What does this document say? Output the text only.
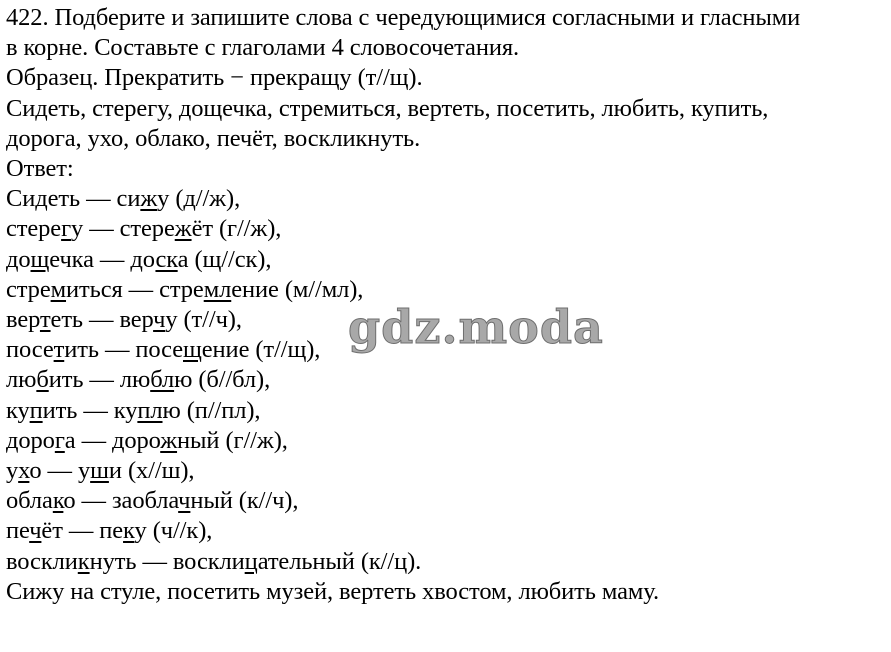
422. Подберите и запишите слова с чередующимися согласными и гласными
в корне. Составьте с глаголами 4 словосочетания.
Образец. Прекратить − прекращу (т//щ).
Сидеть, стерегу, дощечка, стремиться, вертеть, посетить, любить, купить,
дорога, ухо, облако, печёт, воскликнуть.
Ответ:
Сидеть — сижу (д//ж),
стерегу — стережёт (г//ж),
дощечка — доска (щ//ск),
стремиться — стремление (м//мл),
вертеть — верчу (т//ч),
посетить — посещение (т//щ),
любить — люблю (б//бл),
купить — куплю (п//пл),
дорога — дорожный (г//ж),
ухо — уши (х//ш),
облако — заоблачный (к//ч),
печёт — пеку (ч//к),
воскликнуть — восклицательный (к//ц).
Сижу на стуле, посетить музей, вертеть хвостом, любить маму.
gdz.moda
